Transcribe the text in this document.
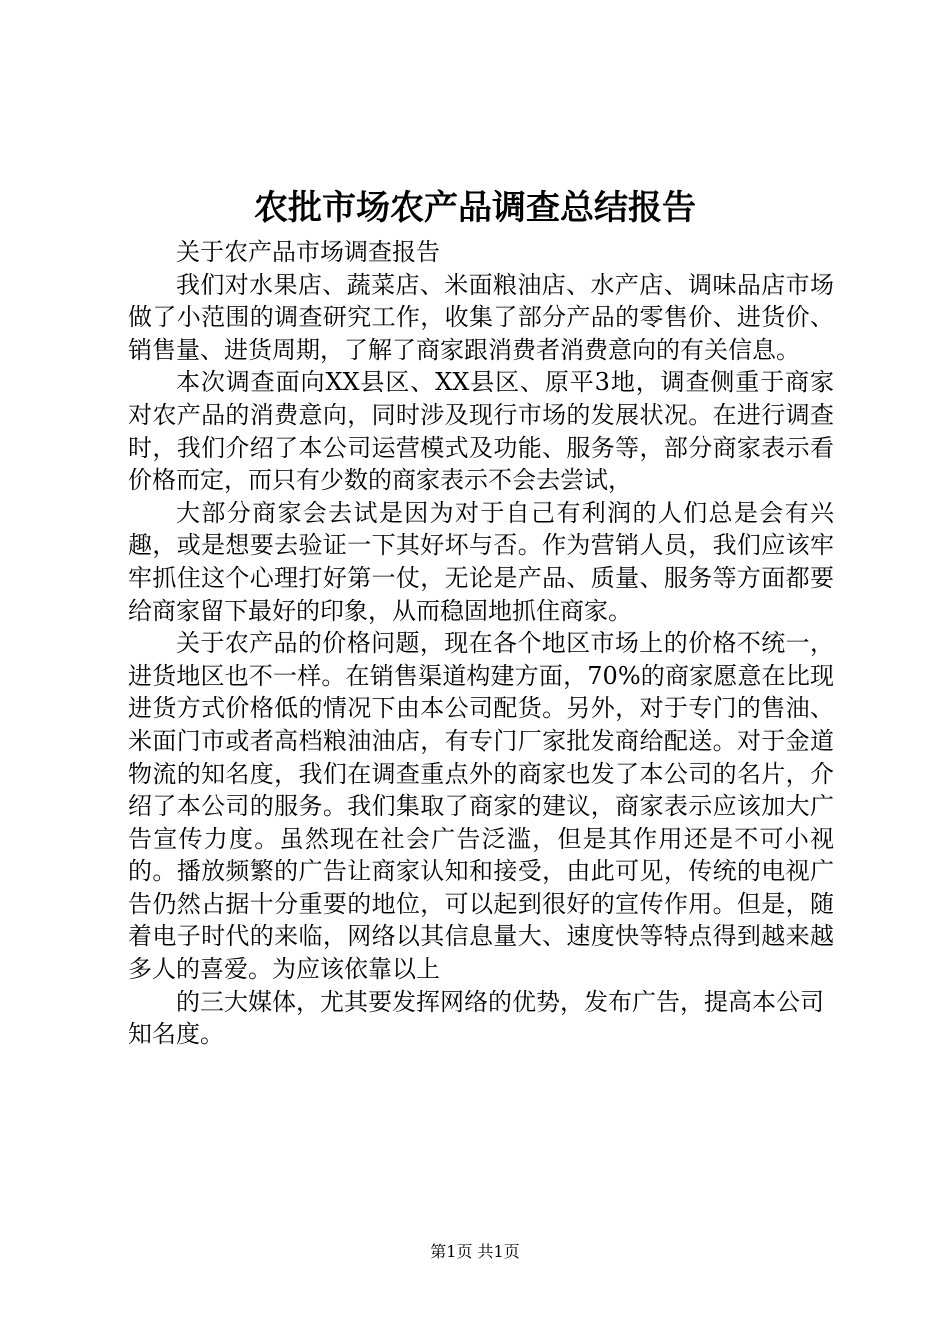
农批市场农产品调查总结报告

关于农产品市场调查报告

我们对水果店、蔬菜店、米面粮油店、水产店、调味品店市场做了小范围的调查研究工作，收集了部分产品的零售价、进货价、销售量、进货周期，了解了商家跟消费者消费意向的有关信息。

本次调查面向XX县区、XX县区、原平3地，调查侧重于商家对农产品的消费意向，同时涉及现行市场的发展状况。在进行调查时，我们介绍了本公司运营模式及功能、服务等，部分商家表示看价格而定，而只有少数的商家表示不会去尝试，

大部分商家会去试是因为对于自己有利润的人们总是会有兴趣，或是想要去验证一下其好坏与否。作为营销人员，我们应该牢牢抓住这个心理打好第一仗，无论是产品、质量、服务等方面都要给商家留下最好的印象，从而稳固地抓住商家。

关于农产品的价格问题，现在各个地区市场上的价格不统一，进货地区也不一样。在销售渠道构建方面，70%的商家愿意在比现进货方式价格低的情况下由本公司配货。另外，对于专门的售油、米面门市或者高档粮油油店，有专门厂家批发商给配送。对于金道物流的知名度，我们在调查重点外的商家也发了本公司的名片，介绍了本公司的服务。我们集取了商家的建议，商家表示应该加大广告宣传力度。虽然现在社会广告泛滥，但是其作用还是不可小视的。播放频繁的广告让商家认知和接受，由此可见，传统的电视广告仍然占据十分重要的地位，可以起到很好的宣传作用。但是，随着电子时代的来临，网络以其信息量大、速度快等特点得到越来越多人的喜爱。为应该依靠以上

的三大媒体，尤其要发挥网络的优势，发布广告，提高本公司知名度。

第1页 共1页
